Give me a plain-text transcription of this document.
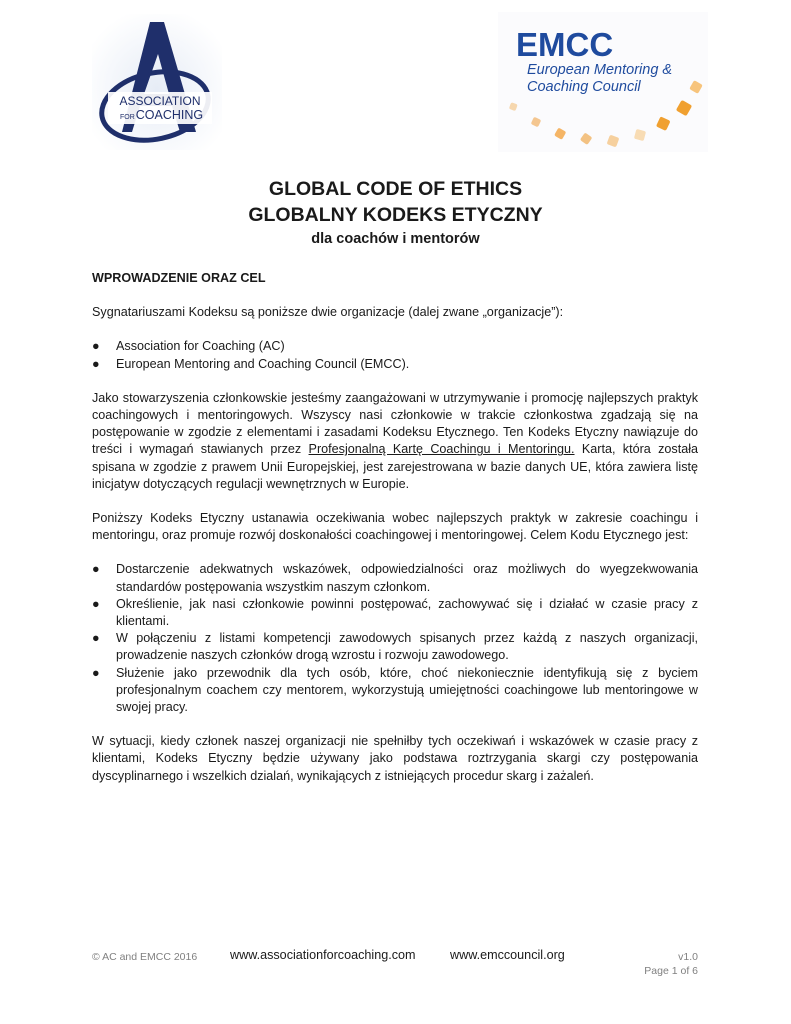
ASSOCIATION
FORCOACHING
EMCC
European Mentoring &
Coaching Council
GLOBAL CODE OF ETHICS
GLOBALNY KODEKS ETYCZNY
dla coachów i mentorów
WPROWADZENIE ORAZ CEL

Sygnatariuszami Kodeksu są poniższe dwie organizacje (dalej zwane „organizacje”):

● Association for Coaching (AC)
● European Mentoring and Coaching Council (EMCC).

Jako stowarzyszenia członkowskie jesteśmy zaangażowani w utrzymywanie i promocję najlepszych praktyk coachingowych i mentoringowych. Wszyscy nasi członkowie w trakcie członkostwa zgadzają się na postępowanie w zgodzie z elementami i zasadami Kodeksu Etycznego. Ten Kodeks Etyczny nawiązuje do treści i wymagań stawianych przez Profesjonalną Kartę Coachingu i Mentoringu. Karta, która została spisana w zgodzie z prawem Unii Europejskiej, jest zarejestrowana w bazie danych UE, która zawiera listę inicjatyw dotyczących regulacji wewnętrznych w Europie.

Poniższy Kodeks Etyczny ustanawia oczekiwania wobec najlepszych praktyk w zakresie coachingu i mentoringu, oraz promuje rozwój doskonałości coachingowej i mentoringowej. Celem Kodu Etycznego jest:

● Dostarczenie adekwatnych wskazówek, odpowiedzialności oraz możliwych do wyegzekwowania standardów postępowania wszystkim naszym członkom.
● Określienie, jak nasi członkowie powinni postępować, zachowywać się i działać w czasie pracy z klientami.
● W połączeniu z listami kompetencji zawodowych spisanych przez każdą z naszych organizacji, prowadzenie naszych członków drogą wzrostu i rozwoju zawodowego.
● Służenie jako przewodnik dla tych osób, które, choć niekoniecznie identyfikują się z byciem profesjonalnym coachem czy mentorem, wykorzystują umiejętności coachingowe lub mentoringowe w swojej pracy.

W sytuacji, kiedy członek naszej organizacji nie spełniłby tych oczekiwań i wskazówek w czasie pracy z klientami, Kodeks Etyczny będzie używany jako podstawa roztrzygania skargi czy postępowania dyscyplinarnego i wszelkich dzialań, wynikających z istniejących procedur skarg i zażaleń.

© AC and EMCC 2016	www.associationforcoaching.com	www.emccouncil.org	v1.0
Page 1 of 6
